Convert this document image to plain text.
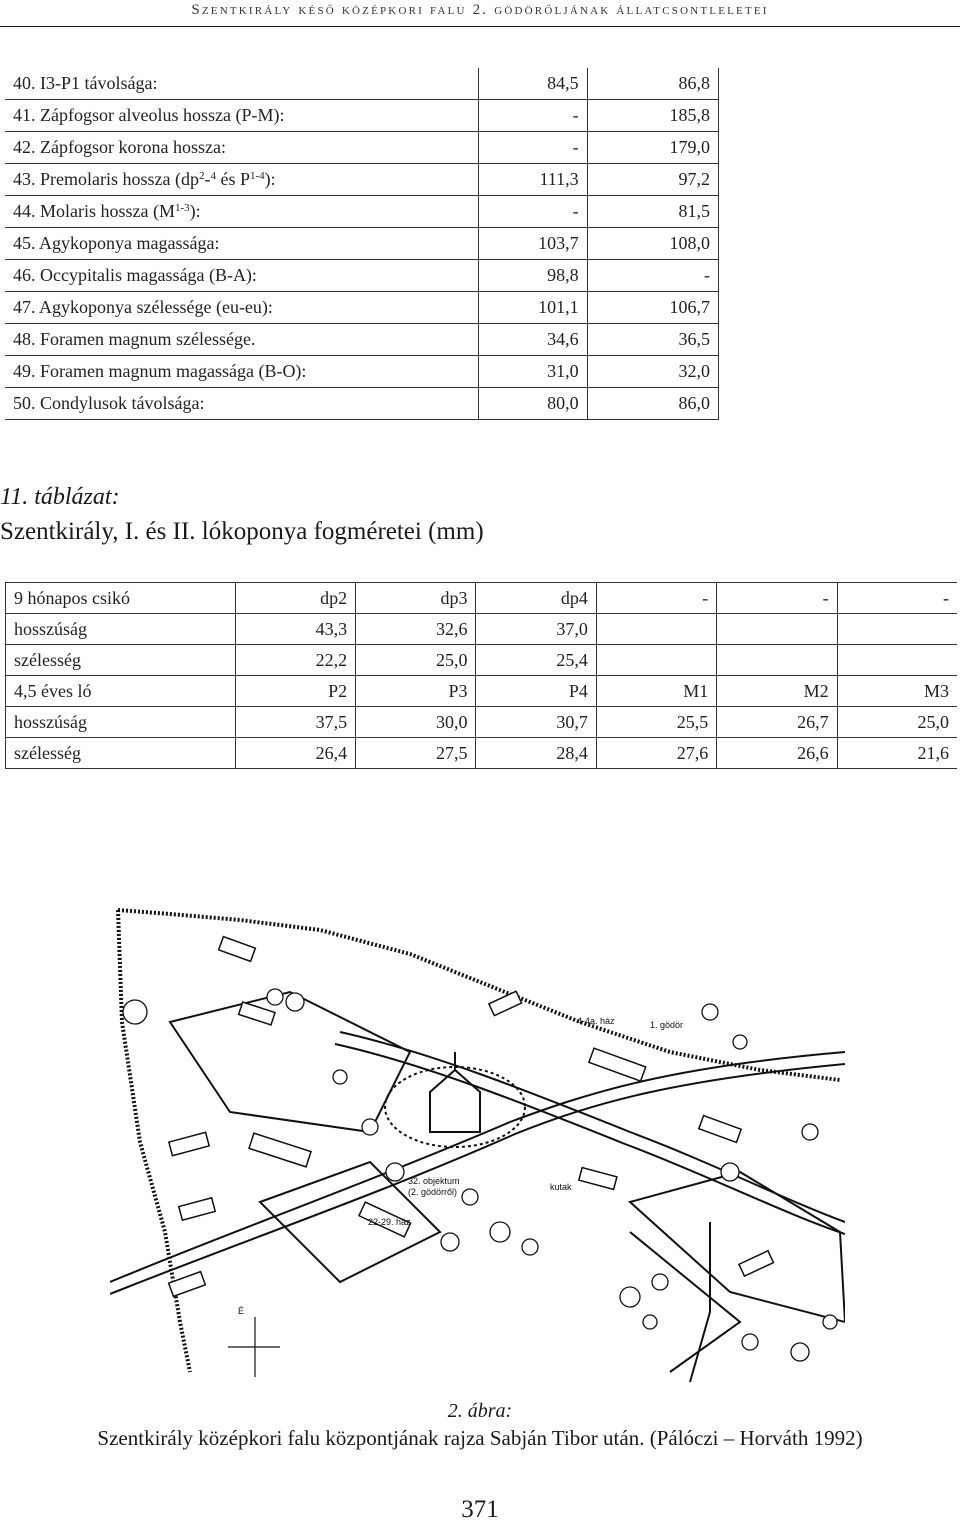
Szentkirály késő középkori falu 2. gödörőljának állatcsontleletei
40. I3-P1 távolsága:	84,5	86,8
41. Zápfogsor alveolus hossza (P-M):	-	185,8
42. Zápfogsor korona hossza:	-	179,0
43. Premolaris hossza ($dp^2-^4$ és $P^{1-4}$):	111,3	97,2
44. Molaris hossza $(M^{1-3})$:	-	81,5
45. Agykoponya magassága:	103,7	108,0
46. Occypitalis magassága (B-A):	98,8	-
47. Agykoponya szélessége (eu-eu):	101,1	106,7
48. Foramen magnum szélessége.	34,6	36,5
49. Foramen magnum magassága (B-O):	31,0	32,0
50. Condylusok távolsága:	80,0	86,0
11. táblázat:
Szentkirály, I. és II. lókoponya fogméretei (mm)
9 hónapos csikó	dp2	dp3	dp4	-	-	-
hosszúság	43,3	32,6	37,0			
szélesség	22,2	25,0	25,4			
4,5 éves ló	P2	P3	P4	M1	M2	M3
hosszúság	37,5	30,0	30,7	25,5	26,7	25,0
szélesség	26,4	27,5	28,4	27,6	26,6	21,6
4-4a. ház	1. gödör
32. objektum
(2. gödörről)	kutak
22-29. ház
É
2. ábra:
Szentkirály középkori falu központjának rajza Sabján Tibor után. (Pálóczi – Horváth 1992)
371
